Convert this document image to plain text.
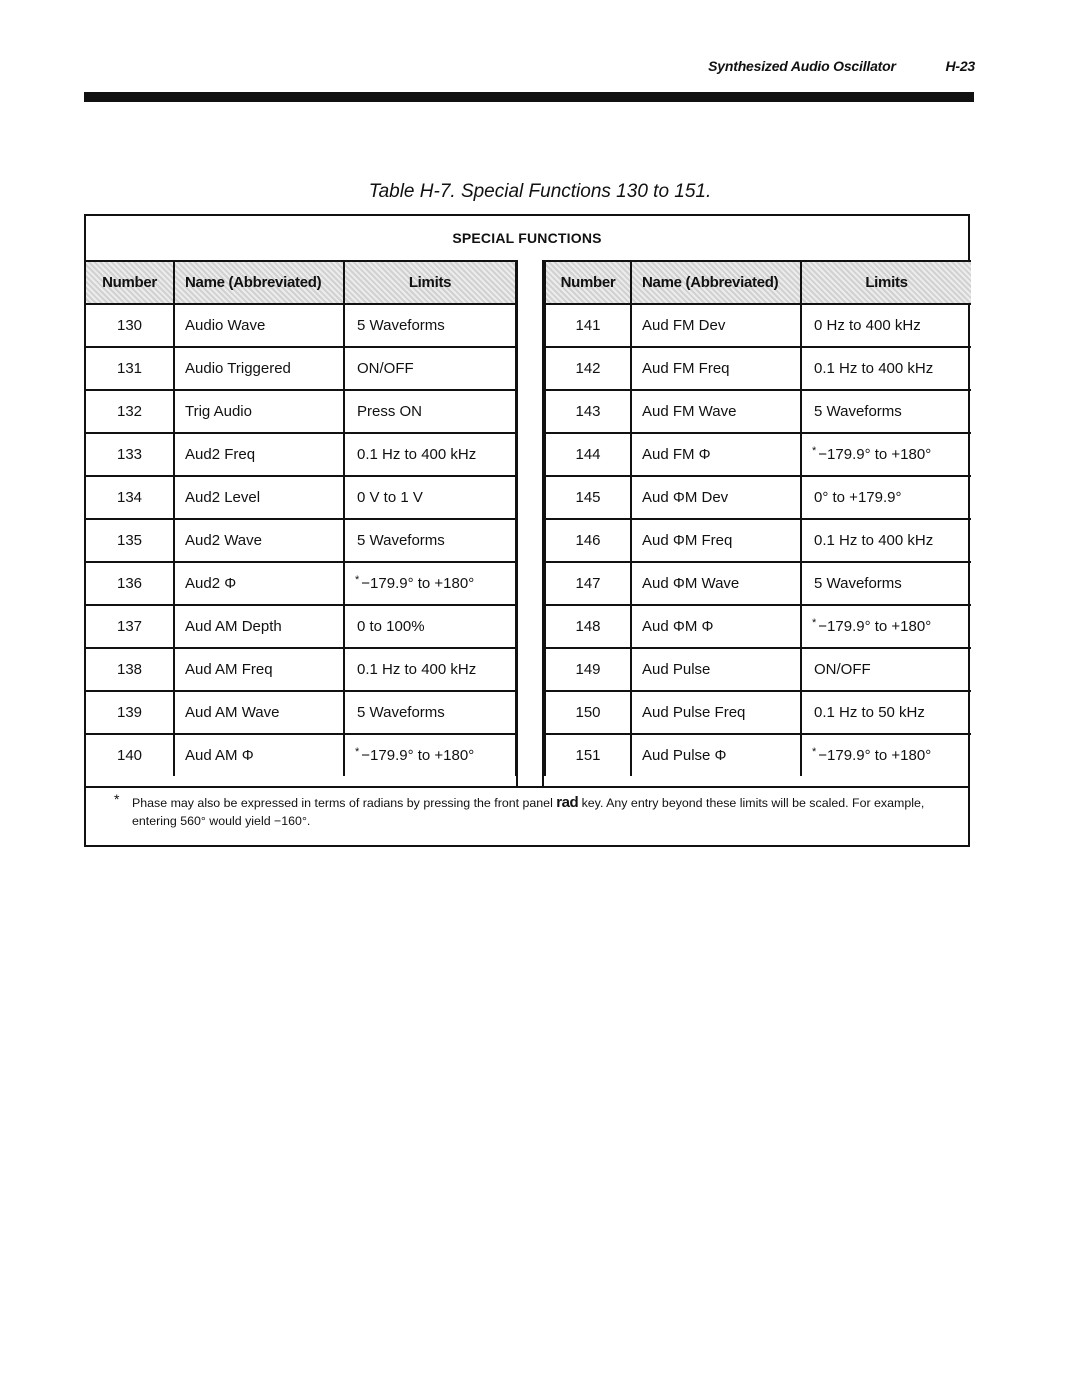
Synthesized Audio Oscillator	H-23
Table H-7. Special Functions 130 to 151.
SPECIAL FUNCTIONS
Number	Name (Abbreviated)	Limits
130	Audio Wave	5 Waveforms
131	Audio Triggered	ON/OFF
132	Trig Audio	Press ON
133	Aud2 Freq	0.1 Hz to 400 kHz
134	Aud2 Level	0 V to 1 V
135	Aud2 Wave	5 Waveforms
136	Aud2 Φ	* −179.9° to +180°
137	Aud AM Depth	0 to 100%
138	Aud AM Freq	0.1 Hz to 400 kHz
139	Aud AM Wave	5 Waveforms
140	Aud AM Φ	* −179.9° to +180°
Number	Name (Abbreviated)	Limits
141	Aud FM Dev	0 Hz to 400 kHz
142	Aud FM Freq	0.1 Hz to 400 kHz
143	Aud FM Wave	5 Waveforms
144	Aud FM Φ	* −179.9° to +180°
145	Aud ΦM Dev	0° to +179.9°
146	Aud ΦM Freq	0.1 Hz to 400 kHz
147	Aud ΦM Wave	5 Waveforms
148	Aud ΦM Φ	* −179.9° to +180°
149	Aud Pulse	ON/OFF
150	Aud Pulse Freq	0.1 Hz to 50 kHz
151	Aud Pulse Φ	* −179.9° to +180°
* Phase may also be expressed in terms of radians by pressing the front panel rad key. Any entry beyond these limits will be scaled. For example, entering 560° would yield −160°.
